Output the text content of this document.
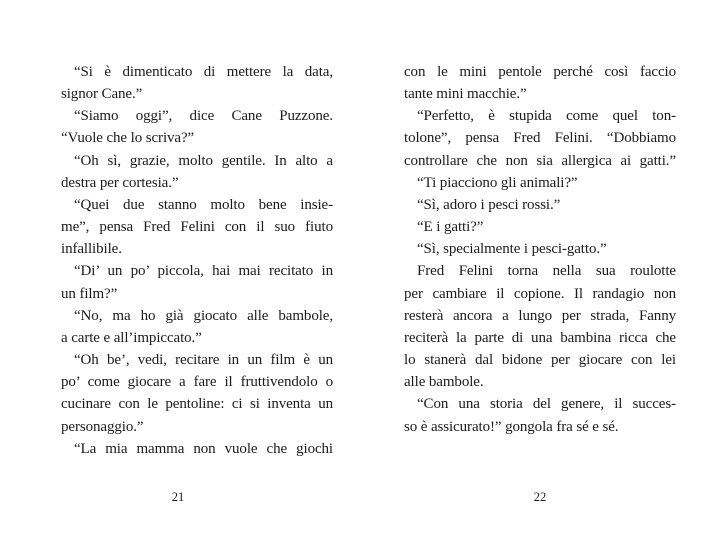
“Si è dimenticato di mettere la data,
signor Cane.”
“Siamo oggi”, dice Cane Puzzone.
“Vuole che lo scriva?”
“Oh sì, grazie, molto gentile. In alto a
destra per cortesia.”
“Quei due stanno molto bene insie-
me”, pensa Fred Felini con il suo fiuto
infallibile.
“Di’ un po’ piccola, hai mai recitato in
un film?”
“No, ma ho già giocato alle bambole,
a carte e all’impiccato.”
“Oh be’, vedi, recitare in un film è un
po’ come giocare a fare il fruttivendolo o
cucinare con le pentoline: ci si inventa un
personaggio.”
“La mia mamma non vuole che giochi
con le mini pentole perché così faccio
tante mini macchie.”
“Perfetto, è stupida come quel ton-
tolone”, pensa Fred Felini. “Dobbiamo
controllare che non sia allergica ai gatti.”
“Ti piacciono gli animali?”
“Sì, adoro i pesci rossi.”
“E i gatti?”
“Sì, specialmente i pesci-gatto.”
Fred Felini torna nella sua roulotte
per cambiare il copione. Il randagio non
resterà ancora a lungo per strada, Fanny
reciterà la parte di una bambina ricca che
lo stanerà dal bidone per giocare con lei
alle bambole.
“Con una storia del genere, il succes-
so è assicurato!” gongola fra sé e sé.
21	22
